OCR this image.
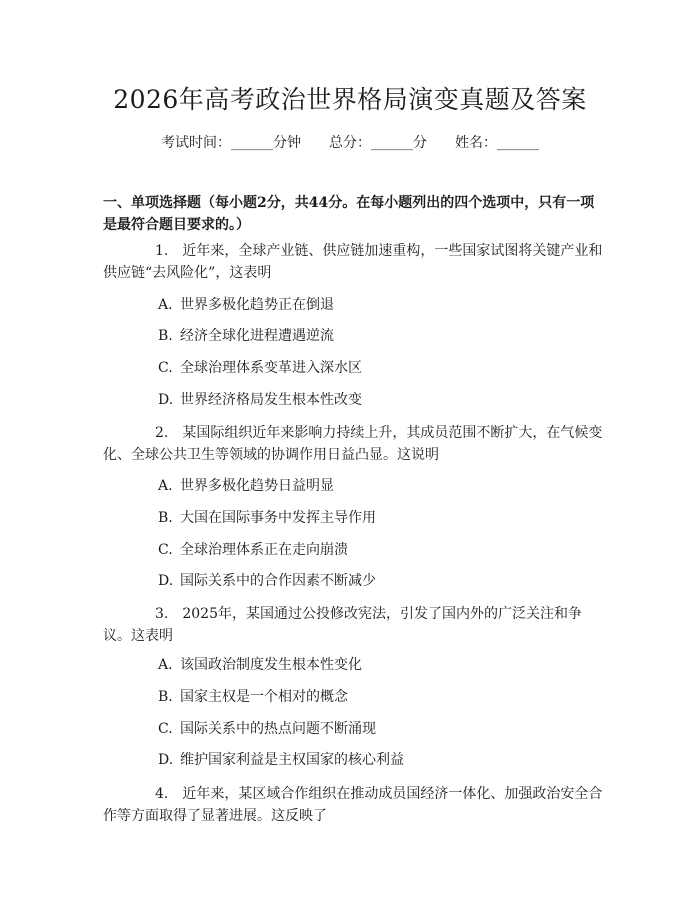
2026年高考政治世界格局演变真题及答案
考试时间：______分钟 总分：______分 姓名：______
一、单项选择题（每小题2分，共44分。在每小题列出的四个选项中，只有一项是最符合题目要求的。）
1. 近年来，全球产业链、供应链加速重构，一些国家试图将关键产业和供应链“去风险化”，这表明
A. 世界多极化趋势正在倒退
B. 经济全球化进程遭遇逆流
C. 全球治理体系变革进入深水区
D. 世界经济格局发生根本性改变
2. 某国际组织近年来影响力持续上升，其成员范围不断扩大，在气候变化、全球公共卫生等领域的协调作用日益凸显。这说明
A. 世界多极化趋势日益明显
B. 大国在国际事务中发挥主导作用
C. 全球治理体系正在走向崩溃
D. 国际关系中的合作因素不断减少
3. 2025年，某国通过公投修改宪法，引发了国内外的广泛关注和争议。这表明
A. 该国政治制度发生根本性变化
B. 国家主权是一个相对的概念
C. 国际关系中的热点问题不断涌现
D. 维护国家利益是主权国家的核心利益
4. 近年来，某区域合作组织在推动成员国经济一体化、加强政治安全合作等方面取得了显著进展。这反映了
